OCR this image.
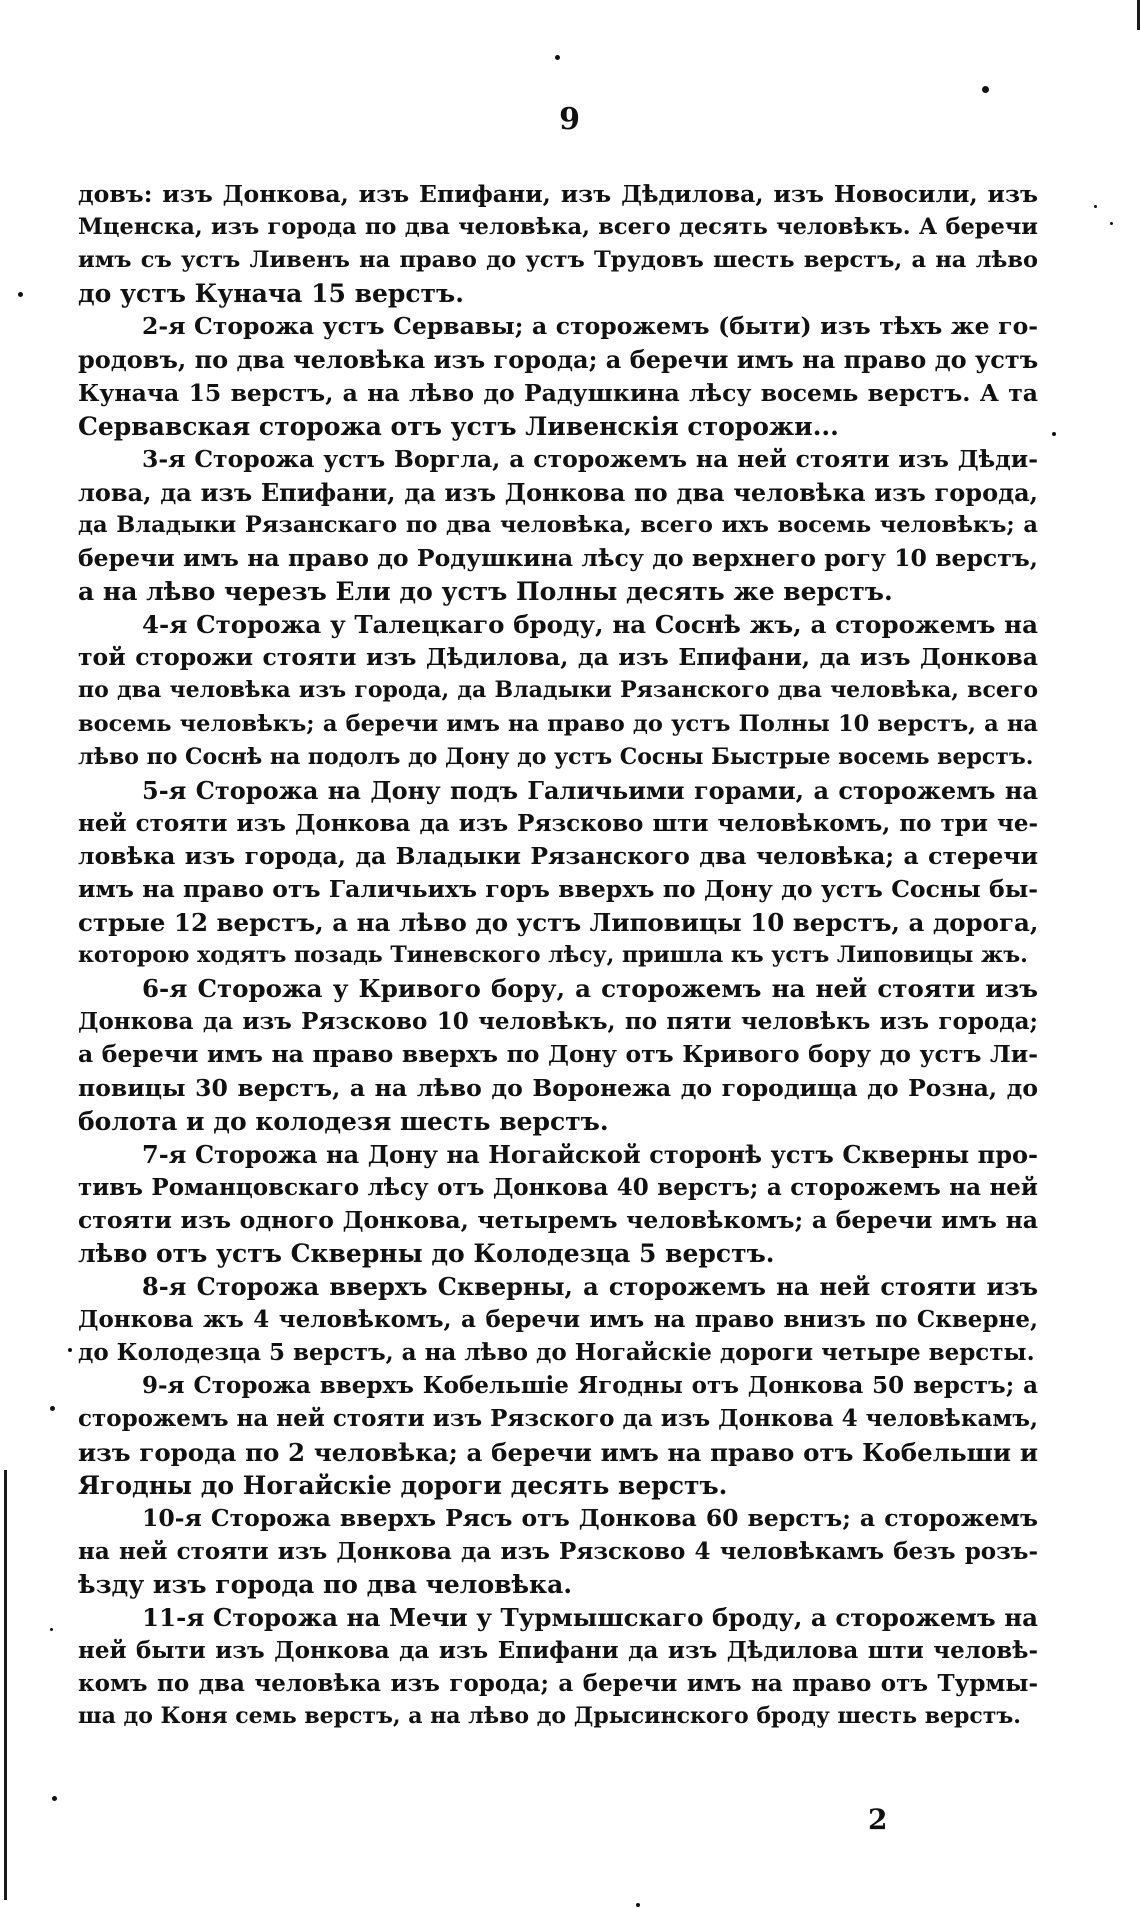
9
довъ: изъ Донкова, изъ Епифани, изъ Дѣдилова, изъ Новосили, изъ
Мценска, изъ города по два человѣка, всего десять человѣкъ. А беречи
имъ съ устъ Ливенъ на право до устъ Трудовъ шесть верстъ, а на лѣво
до устъ Кунача 15 верстъ.
2-я Сторожа устъ Сервавы; а сторожемъ (быти) изъ тѣхъ же го-
родовъ, по два человѣка изъ города; а беречи имъ на право до устъ
Кунача 15 верстъ, а на лѣво до Радушкина лѣсу восемь верстъ. А та
Сервавская сторожа отъ устъ Ливенскія сторожи...
3-я Сторожа устъ Воргла, а сторожемъ на ней стояти изъ Дѣди-
лова, да изъ Епифани, да изъ Донкова по два человѣка изъ города,
да Владыки Рязанскаго по два человѣка, всего ихъ восемь человѣкъ; а
беречи имъ на право до Родушкина лѣсу до верхнего рогу 10 верстъ,
а на лѣво черезъ Ели до устъ Полны десять же верстъ.
4-я Сторожа у Талецкаго броду, на Соснѣ жъ, а сторожемъ на
той сторожи стояти изъ Дѣдилова, да изъ Епифани, да изъ Донкова
по два человѣка изъ города, да Владыки Рязанского два человѣка, всего
восемь человѣкъ; а беречи имъ на право до устъ Полны 10 верстъ, а на
лѣво по Соснѣ на подолъ до Дону до устъ Сосны Быстрые восемь верстъ.
5-я Сторожа на Дону подъ Галичьими горами, а сторожемъ на
ней стояти изъ Донкова да изъ Рязсково шти человѣкомъ, по три че-
ловѣка изъ города, да Владыки Рязанского два человѣка; а стеречи
имъ на право отъ Галичьихъ горъ вверхъ по Дону до устъ Сосны бы-
стрые 12 верстъ, а на лѣво до устъ Липовицы 10 верстъ, а дорога,
которою ходятъ позадь Тиневского лѣсу, пришла къ устъ Липовицы жъ.
6-я Сторожа у Кривого бору, а сторожемъ на ней стояти изъ
Донкова да изъ Рязсково 10 человѣкъ, по пяти человѣкъ изъ города;
а беречи имъ на право вверхъ по Дону отъ Кривого бору до устъ Ли-
повицы 30 верстъ, а на лѣво до Воронежа до городища до Розна, до
болота и до колодезя шесть верстъ.
7-я Сторожа на Дону на Ногайской сторонѣ устъ Скверны про-
тивъ Романцовскаго лѣсу отъ Донкова 40 верстъ; а сторожемъ на ней
стояти изъ одного Донкова, четыремъ человѣкомъ; а беречи имъ на
лѣво отъ устъ Скверны до Колодезца 5 верстъ.
8-я Сторожа вверхъ Скверны, а сторожемъ на ней стояти изъ
Донкова жъ 4 человѣкомъ, а беречи имъ на право внизъ по Скверне,
до Колодезца 5 верстъ, а на лѣво до Ногайскіе дороги четыре версты.
9-я Сторожа вверхъ Кобельшіе Ягодны отъ Донкова 50 верстъ; а
сторожемъ на ней стояти изъ Рязского да изъ Донкова 4 человѣкамъ,
изъ города по 2 человѣка; а беречи имъ на право отъ Кобельши и
Ягодны до Ногайскіе дороги десять верстъ.
10-я Сторожа вверхъ Рясъ отъ Донкова 60 верстъ; а сторожемъ
на ней стояти изъ Донкова да изъ Рязсково 4 человѣкамъ безъ розъ-
ѣзду изъ города по два человѣка.
11-я Сторожа на Мечи у Турмышскаго броду, а сторожемъ на
ней быти изъ Донкова да изъ Епифани да изъ Дѣдилова шти человѣ-
комъ по два человѣка изъ города; а беречи имъ на право отъ Турмы-
ша до Коня семь верстъ, а на лѣво до Дрысинского броду шесть верстъ.
2
